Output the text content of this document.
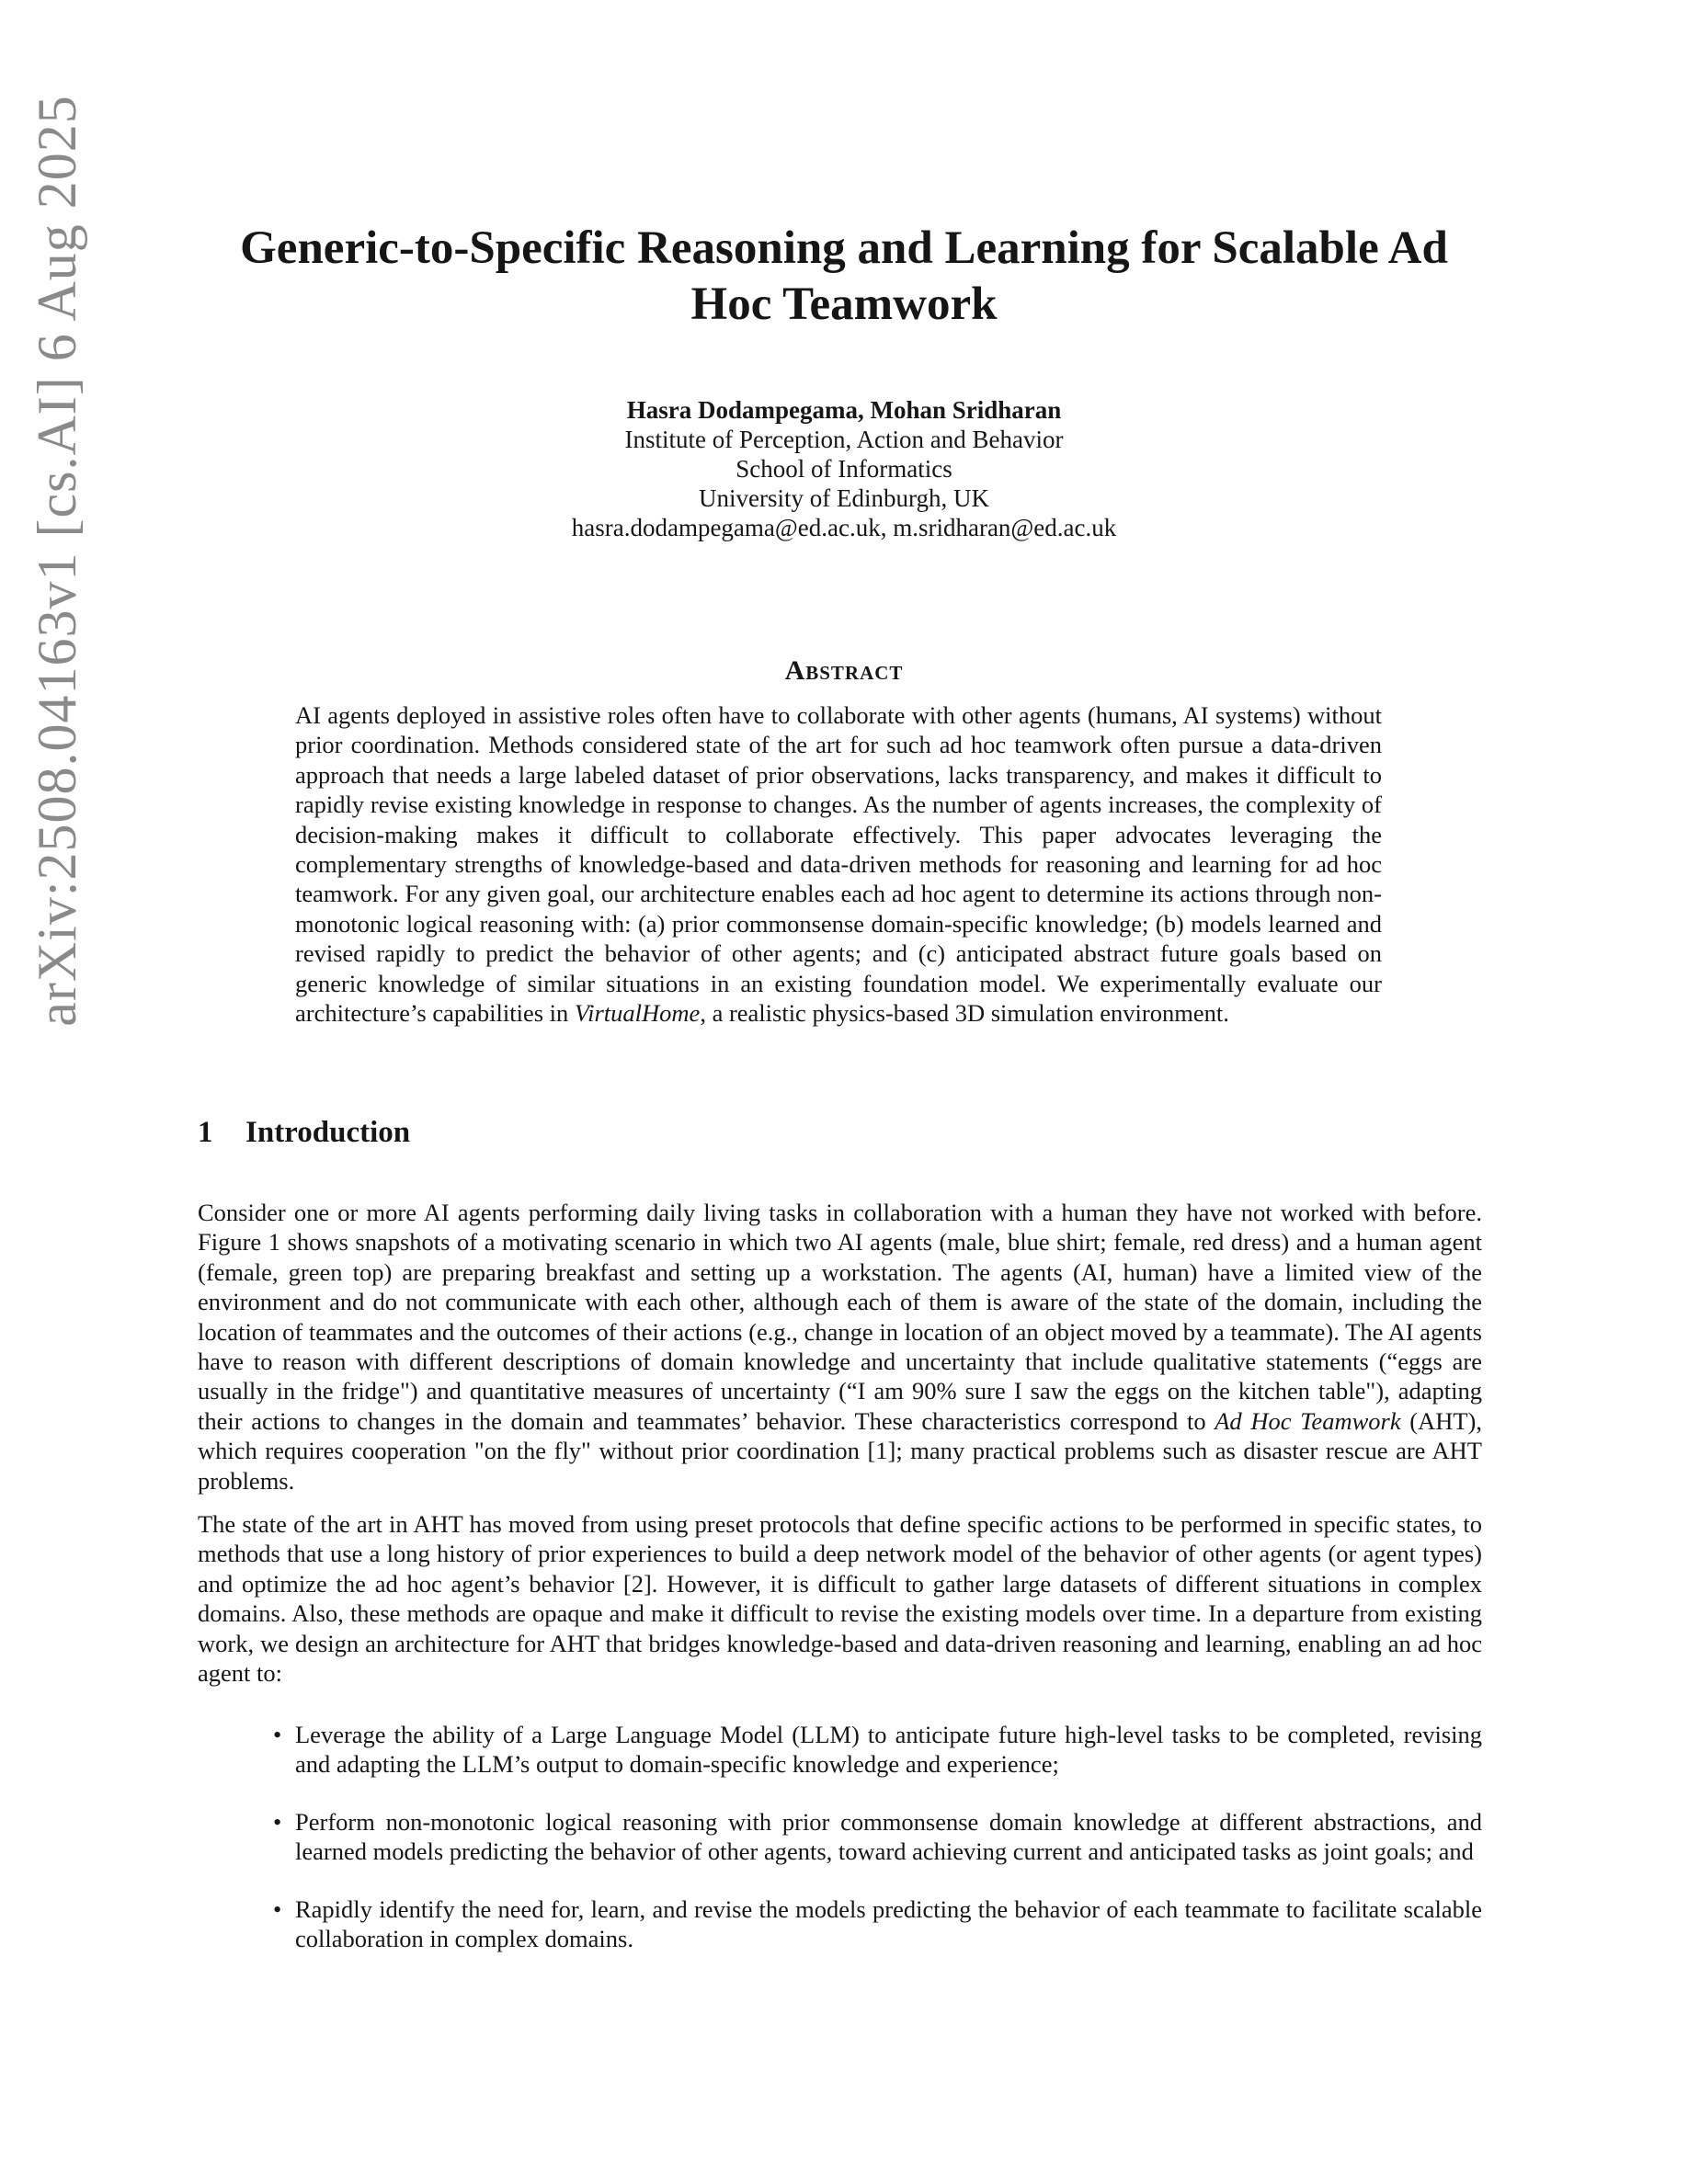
arXiv:2508.04163v1 [cs.AI] 6 Aug 2025	Generic-to-Specific Reasoning and Learning for Scalable Ad Hoc Teamwork
Hasra Dodampegama, Mohan Sridharan
Institute of Perception, Action and Behavior
School of Informatics
University of Edinburgh, UK
hasra.dodampegama@ed.ac.uk, m.sridharan@ed.ac.uk
Abstract

AI agents deployed in assistive roles often have to collaborate with other agents (humans, AI systems) without prior coordination. Methods considered state of the art for such ad hoc teamwork often pursue a data-driven approach that needs a large labeled dataset of prior observations, lacks transparency, and makes it difficult to rapidly revise existing knowledge in response to changes. As the number of agents increases, the complexity of decision-making makes it difficult to collaborate effectively. This paper advocates leveraging the complementary strengths of knowledge-based and data-driven methods for reasoning and learning for ad hoc teamwork. For any given goal, our architecture enables each ad hoc agent to determine its actions through non-monotonic logical reasoning with: (a) prior commonsense domain-specific knowledge; (b) models learned and revised rapidly to predict the behavior of other agents; and (c) anticipated abstract future goals based on generic knowledge of similar situations in an existing foundation model. We experimentally evaluate our architecture’s capabilities in VirtualHome, a realistic physics-based 3D simulation environment.

1 Introduction

Consider one or more AI agents performing daily living tasks in collaboration with a human they have not worked with before. Figure 1 shows snapshots of a motivating scenario in which two AI agents (male, blue shirt; female, red dress) and a human agent (female, green top) are preparing breakfast and setting up a workstation. The agents (AI, human) have a limited view of the environment and do not communicate with each other, although each of them is aware of the state of the domain, including the location of teammates and the outcomes of their actions (e.g., change in location of an object moved by a teammate). The AI agents have to reason with different descriptions of domain knowledge and uncertainty that include qualitative statements (“eggs are usually in the fridge") and quantitative measures of uncertainty (“I am 90% sure I saw the eggs on the kitchen table"), adapting their actions to changes in the domain and teammates’ behavior. These characteristics correspond to Ad Hoc Teamwork (AHT), which requires cooperation "on the fly" without prior coordination [1]; many practical problems such as disaster rescue are AHT problems.

The state of the art in AHT has moved from using preset protocols that define specific actions to be performed in specific states, to methods that use a long history of prior experiences to build a deep network model of the behavior of other agents (or agent types) and optimize the ad hoc agent’s behavior [2]. However, it is difficult to gather large datasets of different situations in complex domains. Also, these methods are opaque and make it difficult to revise the existing models over time. In a departure from existing work, we design an architecture for AHT that bridges knowledge-based and data-driven reasoning and learning, enabling an ad hoc agent to:

• Leverage the ability of a Large Language Model (LLM) to anticipate future high-level tasks to be completed, revising and adapting the LLM’s output to domain-specific knowledge and experience;
• Perform non-monotonic logical reasoning with prior commonsense domain knowledge at different abstractions, and learned models predicting the behavior of other agents, toward achieving current and anticipated tasks as joint goals; and
• Rapidly identify the need for, learn, and revise the models predicting the behavior of each teammate to facilitate scalable collaboration in complex domains.
